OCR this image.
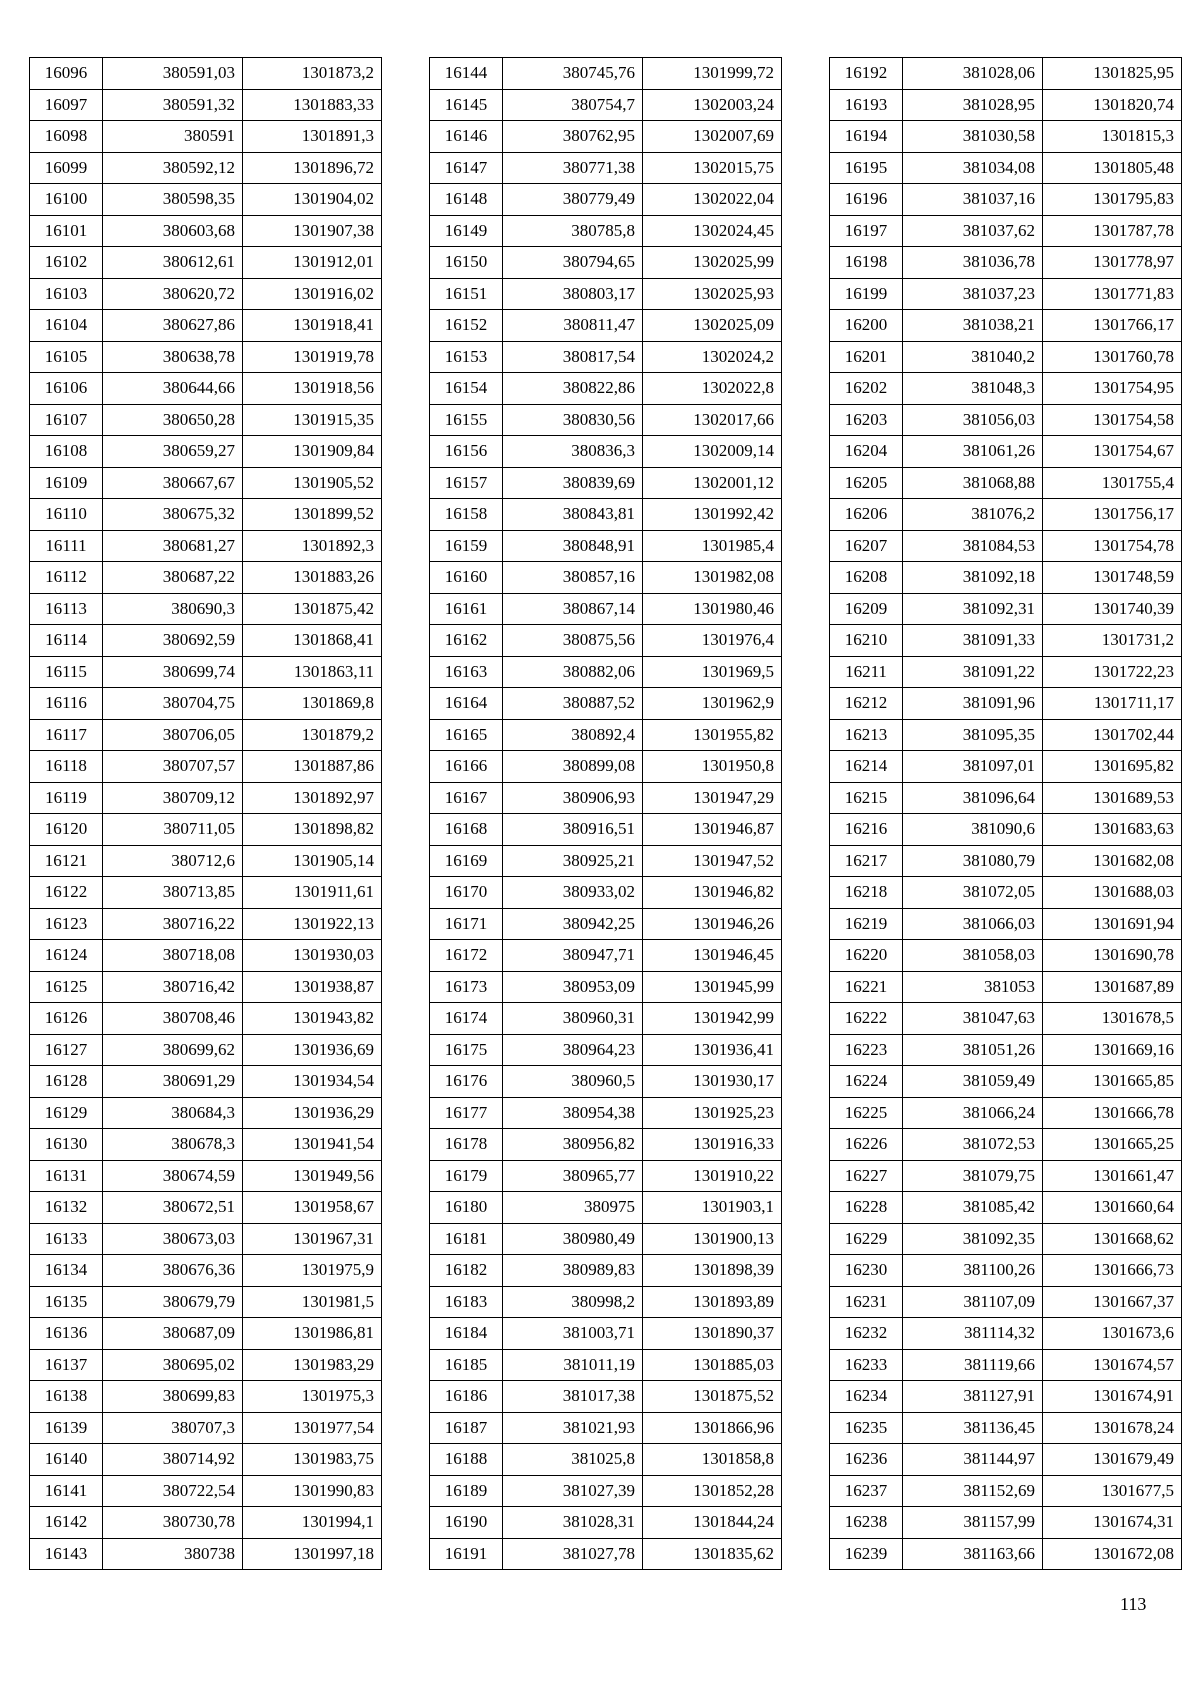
16096	380591,03	1301873,2
16097	380591,32	1301883,33
16098	380591	1301891,3
16099	380592,12	1301896,72
16100	380598,35	1301904,02
16101	380603,68	1301907,38
16102	380612,61	1301912,01
16103	380620,72	1301916,02
16104	380627,86	1301918,41
16105	380638,78	1301919,78
16106	380644,66	1301918,56
16107	380650,28	1301915,35
16108	380659,27	1301909,84
16109	380667,67	1301905,52
16110	380675,32	1301899,52
16111	380681,27	1301892,3
16112	380687,22	1301883,26
16113	380690,3	1301875,42
16114	380692,59	1301868,41
16115	380699,74	1301863,11
16116	380704,75	1301869,8
16117	380706,05	1301879,2
16118	380707,57	1301887,86
16119	380709,12	1301892,97
16120	380711,05	1301898,82
16121	380712,6	1301905,14
16122	380713,85	1301911,61
16123	380716,22	1301922,13
16124	380718,08	1301930,03
16125	380716,42	1301938,87
16126	380708,46	1301943,82
16127	380699,62	1301936,69
16128	380691,29	1301934,54
16129	380684,3	1301936,29
16130	380678,3	1301941,54
16131	380674,59	1301949,56
16132	380672,51	1301958,67
16133	380673,03	1301967,31
16134	380676,36	1301975,9
16135	380679,79	1301981,5
16136	380687,09	1301986,81
16137	380695,02	1301983,29
16138	380699,83	1301975,3
16139	380707,3	1301977,54
16140	380714,92	1301983,75
16141	380722,54	1301990,83
16142	380730,78	1301994,1
16143	380738	1301997,18
16144	380745,76	1301999,72
16145	380754,7	1302003,24
16146	380762,95	1302007,69
16147	380771,38	1302015,75
16148	380779,49	1302022,04
16149	380785,8	1302024,45
16150	380794,65	1302025,99
16151	380803,17	1302025,93
16152	380811,47	1302025,09
16153	380817,54	1302024,2
16154	380822,86	1302022,8
16155	380830,56	1302017,66
16156	380836,3	1302009,14
16157	380839,69	1302001,12
16158	380843,81	1301992,42
16159	380848,91	1301985,4
16160	380857,16	1301982,08
16161	380867,14	1301980,46
16162	380875,56	1301976,4
16163	380882,06	1301969,5
16164	380887,52	1301962,9
16165	380892,4	1301955,82
16166	380899,08	1301950,8
16167	380906,93	1301947,29
16168	380916,51	1301946,87
16169	380925,21	1301947,52
16170	380933,02	1301946,82
16171	380942,25	1301946,26
16172	380947,71	1301946,45
16173	380953,09	1301945,99
16174	380960,31	1301942,99
16175	380964,23	1301936,41
16176	380960,5	1301930,17
16177	380954,38	1301925,23
16178	380956,82	1301916,33
16179	380965,77	1301910,22
16180	380975	1301903,1
16181	380980,49	1301900,13
16182	380989,83	1301898,39
16183	380998,2	1301893,89
16184	381003,71	1301890,37
16185	381011,19	1301885,03
16186	381017,38	1301875,52
16187	381021,93	1301866,96
16188	381025,8	1301858,8
16189	381027,39	1301852,28
16190	381028,31	1301844,24
16191	381027,78	1301835,62
16192	381028,06	1301825,95
16193	381028,95	1301820,74
16194	381030,58	1301815,3
16195	381034,08	1301805,48
16196	381037,16	1301795,83
16197	381037,62	1301787,78
16198	381036,78	1301778,97
16199	381037,23	1301771,83
16200	381038,21	1301766,17
16201	381040,2	1301760,78
16202	381048,3	1301754,95
16203	381056,03	1301754,58
16204	381061,26	1301754,67
16205	381068,88	1301755,4
16206	381076,2	1301756,17
16207	381084,53	1301754,78
16208	381092,18	1301748,59
16209	381092,31	1301740,39
16210	381091,33	1301731,2
16211	381091,22	1301722,23
16212	381091,96	1301711,17
16213	381095,35	1301702,44
16214	381097,01	1301695,82
16215	381096,64	1301689,53
16216	381090,6	1301683,63
16217	381080,79	1301682,08
16218	381072,05	1301688,03
16219	381066,03	1301691,94
16220	381058,03	1301690,78
16221	381053	1301687,89
16222	381047,63	1301678,5
16223	381051,26	1301669,16
16224	381059,49	1301665,85
16225	381066,24	1301666,78
16226	381072,53	1301665,25
16227	381079,75	1301661,47
16228	381085,42	1301660,64
16229	381092,35	1301668,62
16230	381100,26	1301666,73
16231	381107,09	1301667,37
16232	381114,32	1301673,6
16233	381119,66	1301674,57
16234	381127,91	1301674,91
16235	381136,45	1301678,24
16236	381144,97	1301679,49
16237	381152,69	1301677,5
16238	381157,99	1301674,31
16239	381163,66	1301672,08
113
